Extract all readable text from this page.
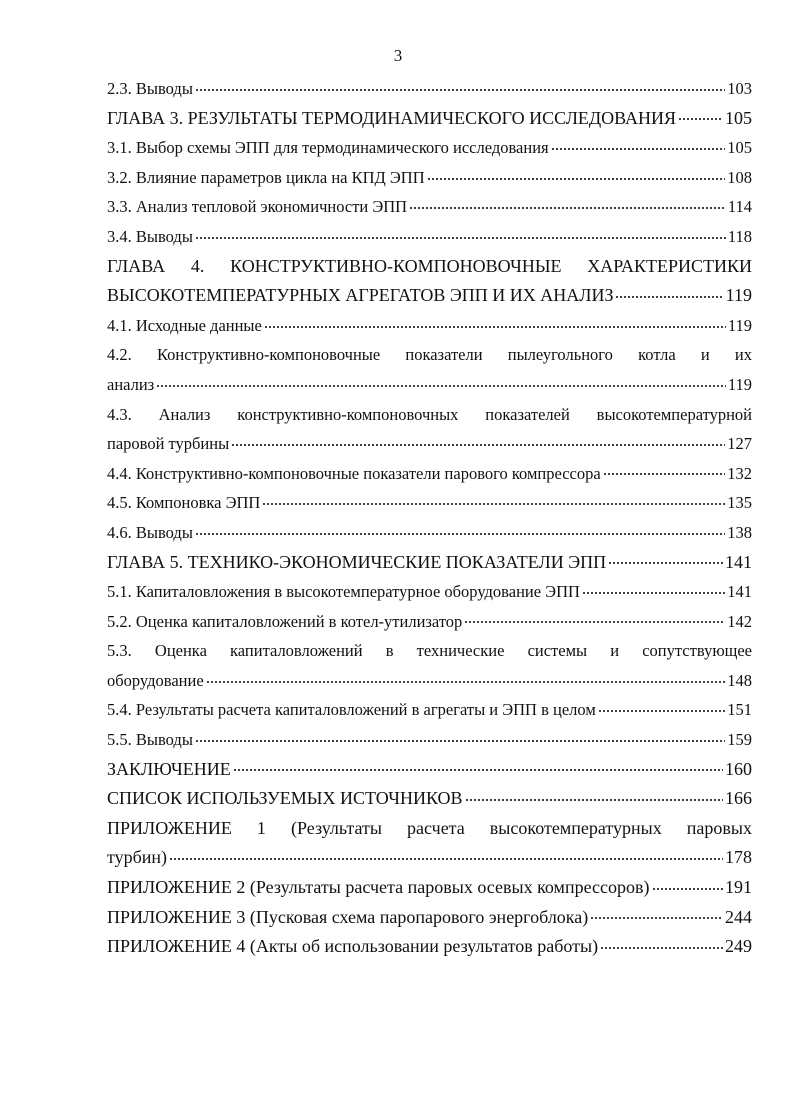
3
2.3. Выводы	103
ГЛАВА 3. РЕЗУЛЬТАТЫ ТЕРМОДИНАМИЧЕСКОГО ИССЛЕДОВАНИЯ	105
3.1. Выбор схемы ЭПП для термодинамического исследования	105
3.2. Влияние параметров цикла на КПД ЭПП	108
3.3. Анализ тепловой экономичности ЭПП	114
3.4. Выводы	118
ГЛАВА 4. КОНСТРУКТИВНО-КОМПОНОВОЧНЫЕ ХАРАКТЕРИСТИКИ
ВЫСОКОТЕМПЕРАТУРНЫХ АГРЕГАТОВ ЭПП И ИХ АНАЛИЗ	119
4.1. Исходные данные	119
4.2. Конструктивно-компоновочные показатели пылеугольного котла и их
анализ	119
4.3. Анализ конструктивно-компоновочных показателей высокотемпературной
паровой турбины	127
4.4. Конструктивно-компоновочные показатели парового компрессора	132
4.5. Компоновка ЭПП	135
4.6. Выводы	138
ГЛАВА 5. ТЕХНИКО-ЭКОНОМИЧЕСКИЕ ПОКАЗАТЕЛИ ЭПП	141
5.1. Капиталовложения в высокотемпературное оборудование ЭПП	141
5.2. Оценка капиталовложений в котел-утилизатор	142
5.3. Оценка капиталовложений в технические системы и сопутствующее
оборудование	148
5.4. Результаты расчета капиталовложений в агрегаты и ЭПП в целом	151
5.5. Выводы	159
ЗАКЛЮЧЕНИЕ	160
СПИСОК ИСПОЛЬЗУЕМЫХ ИСТОЧНИКОВ	166
ПРИЛОЖЕНИЕ 1 (Результаты расчета высокотемпературных паровых
турбин)	178
ПРИЛОЖЕНИЕ 2 (Результаты расчета паровых осевых компрессоров)	191
ПРИЛОЖЕНИЕ 3 (Пусковая схема паропарового энергоблока)	244
ПРИЛОЖЕНИЕ 4 (Акты об использовании результатов работы)	249
